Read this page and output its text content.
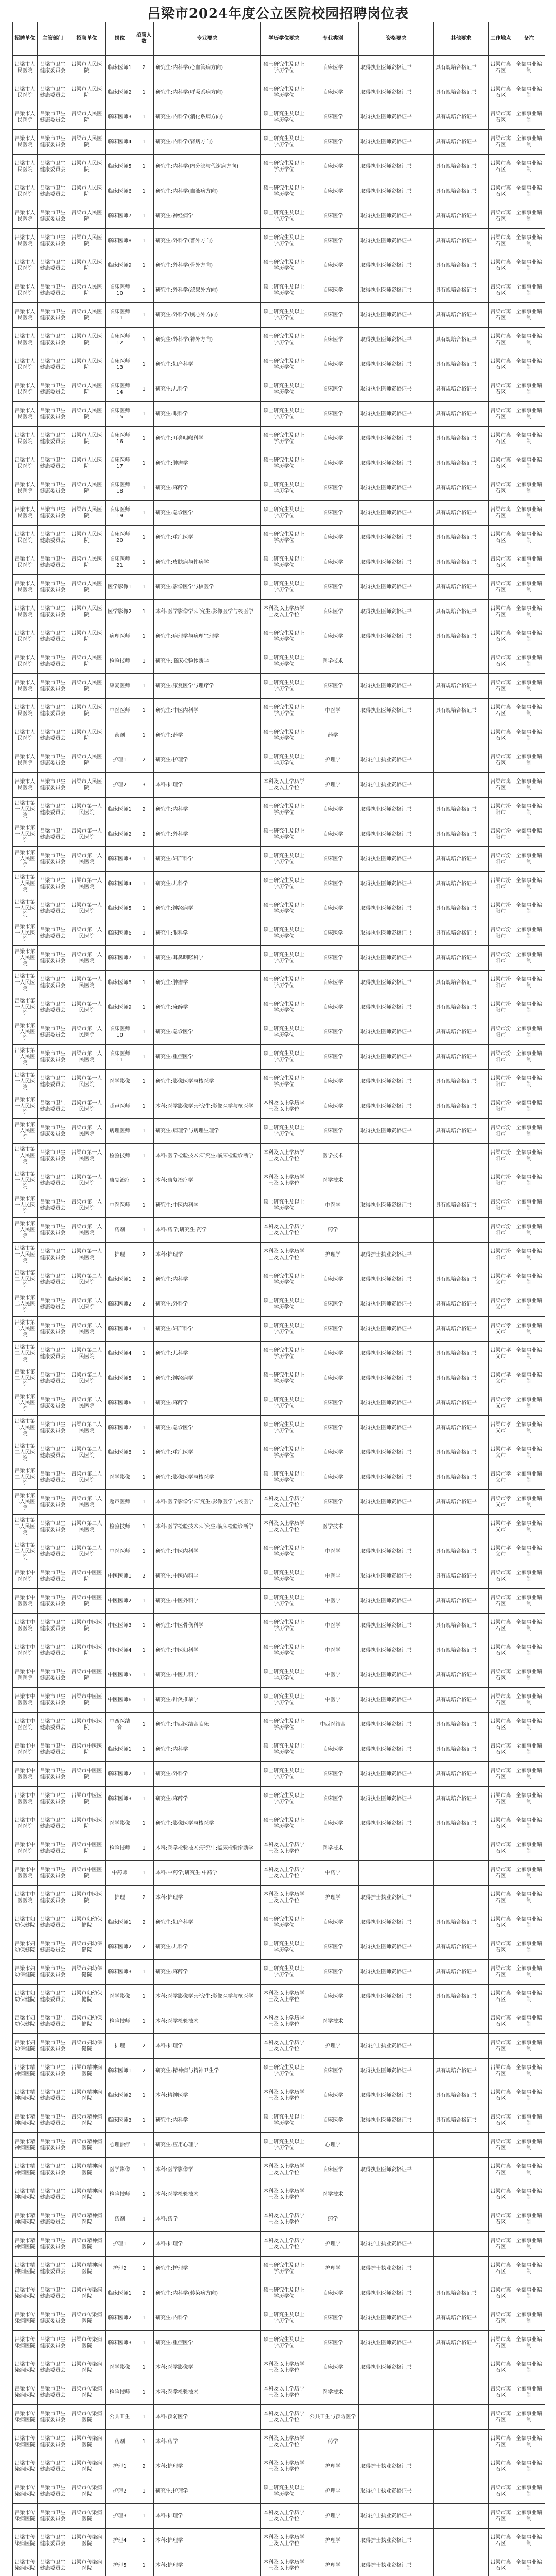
吕梁市2024年度公立医院校园招聘岗位表
招聘单位	主管部门	招聘单位	岗位	招聘人数	专业要求	学历学位要求	专业类别	资格要求	其他要求	工作地点	备注
吕梁市人民医院	吕梁市卫生健康委员会	吕梁市人民医院	临床医师1	2	研究生:内科学(心血管病方向)	硕士研究生及以上学历学位	临床医学	取得执业医师资格证书	具有规培合格证书	吕梁市离石区	全额事业编制
吕梁市人民医院	吕梁市卫生健康委员会	吕梁市人民医院	临床医师2	1	研究生:内科学(呼吸系病方向)	硕士研究生及以上学历学位	临床医学	取得执业医师资格证书	具有规培合格证书	吕梁市离石区	全额事业编制
吕梁市人民医院	吕梁市卫生健康委员会	吕梁市人民医院	临床医师3	1	研究生:内科学(消化系病方向)	硕士研究生及以上学历学位	临床医学	取得执业医师资格证书	具有规培合格证书	吕梁市离石区	全额事业编制
吕梁市人民医院	吕梁市卫生健康委员会	吕梁市人民医院	临床医师4	1	研究生:内科学(肾病方向)	硕士研究生及以上学历学位	临床医学	取得执业医师资格证书	具有规培合格证书	吕梁市离石区	全额事业编制
吕梁市人民医院	吕梁市卫生健康委员会	吕梁市人民医院	临床医师5	1	研究生:内科学(内分泌与代谢病方向)	硕士研究生及以上学历学位	临床医学	取得执业医师资格证书	具有规培合格证书	吕梁市离石区	全额事业编制
吕梁市人民医院	吕梁市卫生健康委员会	吕梁市人民医院	临床医师6	1	研究生:内科学(血液病方向)	硕士研究生及以上学历学位	临床医学	取得执业医师资格证书	具有规培合格证书	吕梁市离石区	全额事业编制
吕梁市人民医院	吕梁市卫生健康委员会	吕梁市人民医院	临床医师7	1	研究生:神经病学	硕士研究生及以上学历学位	临床医学	取得执业医师资格证书	具有规培合格证书	吕梁市离石区	全额事业编制
吕梁市人民医院	吕梁市卫生健康委员会	吕梁市人民医院	临床医师8	1	研究生:外科学(普外方向)	硕士研究生及以上学历学位	临床医学	取得执业医师资格证书	具有规培合格证书	吕梁市离石区	全额事业编制
吕梁市人民医院	吕梁市卫生健康委员会	吕梁市人民医院	临床医师9	1	研究生:外科学(骨外方向)	硕士研究生及以上学历学位	临床医学	取得执业医师资格证书	具有规培合格证书	吕梁市离石区	全额事业编制
吕梁市人民医院	吕梁市卫生健康委员会	吕梁市人民医院	临床医师10	1	研究生:外科学(泌尿外方向)	硕士研究生及以上学历学位	临床医学	取得执业医师资格证书	具有规培合格证书	吕梁市离石区	全额事业编制
吕梁市人民医院	吕梁市卫生健康委员会	吕梁市人民医院	临床医师11	1	研究生:外科学(胸心外方向)	硕士研究生及以上学历学位	临床医学	取得执业医师资格证书	具有规培合格证书	吕梁市离石区	全额事业编制
吕梁市人民医院	吕梁市卫生健康委员会	吕梁市人民医院	临床医师12	1	研究生:外科学(神外方向)	硕士研究生及以上学历学位	临床医学	取得执业医师资格证书	具有规培合格证书	吕梁市离石区	全额事业编制
吕梁市人民医院	吕梁市卫生健康委员会	吕梁市人民医院	临床医师13	1	研究生:妇产科学	硕士研究生及以上学历学位	临床医学	取得执业医师资格证书	具有规培合格证书	吕梁市离石区	全额事业编制
吕梁市人民医院	吕梁市卫生健康委员会	吕梁市人民医院	临床医师14	1	研究生:儿科学	硕士研究生及以上学历学位	临床医学	取得执业医师资格证书	具有规培合格证书	吕梁市离石区	全额事业编制
吕梁市人民医院	吕梁市卫生健康委员会	吕梁市人民医院	临床医师15	1	研究生:眼科学	硕士研究生及以上学历学位	临床医学	取得执业医师资格证书	具有规培合格证书	吕梁市离石区	全额事业编制
吕梁市人民医院	吕梁市卫生健康委员会	吕梁市人民医院	临床医师16	1	研究生:耳鼻咽喉科学	硕士研究生及以上学历学位	临床医学	取得执业医师资格证书	具有规培合格证书	吕梁市离石区	全额事业编制
吕梁市人民医院	吕梁市卫生健康委员会	吕梁市人民医院	临床医师17	1	研究生:肿瘤学	硕士研究生及以上学历学位	临床医学	取得执业医师资格证书	具有规培合格证书	吕梁市离石区	全额事业编制
吕梁市人民医院	吕梁市卫生健康委员会	吕梁市人民医院	临床医师18	1	研究生:麻醉学	硕士研究生及以上学历学位	临床医学	取得执业医师资格证书	具有规培合格证书	吕梁市离石区	全额事业编制
吕梁市人民医院	吕梁市卫生健康委员会	吕梁市人民医院	临床医师19	1	研究生:急诊医学	硕士研究生及以上学历学位	临床医学	取得执业医师资格证书	具有规培合格证书	吕梁市离石区	全额事业编制
吕梁市人民医院	吕梁市卫生健康委员会	吕梁市人民医院	临床医师20	1	研究生:重症医学	硕士研究生及以上学历学位	临床医学	取得执业医师资格证书	具有规培合格证书	吕梁市离石区	全额事业编制
吕梁市人民医院	吕梁市卫生健康委员会	吕梁市人民医院	临床医师21	1	研究生:皮肤病与性病学	硕士研究生及以上学历学位	临床医学	取得执业医师资格证书	具有规培合格证书	吕梁市离石区	全额事业编制
吕梁市人民医院	吕梁市卫生健康委员会	吕梁市人民医院	医学影像1	1	研究生:影像医学与核医学	硕士研究生及以上学历学位	临床医学	取得执业医师资格证书	具有规培合格证书	吕梁市离石区	全额事业编制
吕梁市人民医院	吕梁市卫生健康委员会	吕梁市人民医院	医学影像2	1	本科:医学影像学;研究生:影像医学与核医学	本科及以上学历学士及以上学位	临床医学	取得执业医师资格证书	具有规培合格证书	吕梁市离石区	全额事业编制
吕梁市人民医院	吕梁市卫生健康委员会	吕梁市人民医院	病理医师	1	研究生:病理学与病理生理学	硕士研究生及以上学历学位	临床医学	取得执业医师资格证书	具有规培合格证书	吕梁市离石区	全额事业编制
吕梁市人民医院	吕梁市卫生健康委员会	吕梁市人民医院	检验技师	1	研究生:临床检验诊断学	硕士研究生及以上学历学位	医学技术			吕梁市离石区	全额事业编制
吕梁市人民医院	吕梁市卫生健康委员会	吕梁市人民医院	康复医师	1	研究生:康复医学与理疗学	硕士研究生及以上学历学位	临床医学	取得执业医师资格证书	具有规培合格证书	吕梁市离石区	全额事业编制
吕梁市人民医院	吕梁市卫生健康委员会	吕梁市人民医院	中医医师	1	研究生:中医内科学	硕士研究生及以上学历学位	中医学	取得执业医师资格证书	具有规培合格证书	吕梁市离石区	全额事业编制
吕梁市人民医院	吕梁市卫生健康委员会	吕梁市人民医院	药剂	1	研究生:药学	硕士研究生及以上学历学位	药学			吕梁市离石区	全额事业编制
吕梁市人民医院	吕梁市卫生健康委员会	吕梁市人民医院	护理1	2	研究生:护理学	硕士研究生及以上学历学位	护理学	取得护士执业资格证书		吕梁市离石区	全额事业编制
吕梁市人民医院	吕梁市卫生健康委员会	吕梁市人民医院	护理2	3	本科:护理学	本科及以上学历学士及以上学位	护理学	取得护士执业资格证书		吕梁市离石区	全额事业编制
吕梁市第一人民医院	吕梁市卫生健康委员会	吕梁市第一人民医院	临床医师1	2	研究生:内科学	硕士研究生及以上学历学位	临床医学	取得执业医师资格证书	具有规培合格证书	吕梁市汾阳市	全额事业编制
吕梁市第一人民医院	吕梁市卫生健康委员会	吕梁市第一人民医院	临床医师2	2	研究生:外科学	硕士研究生及以上学历学位	临床医学	取得执业医师资格证书	具有规培合格证书	吕梁市汾阳市	全额事业编制
吕梁市第一人民医院	吕梁市卫生健康委员会	吕梁市第一人民医院	临床医师3	1	研究生:妇产科学	硕士研究生及以上学历学位	临床医学	取得执业医师资格证书	具有规培合格证书	吕梁市汾阳市	全额事业编制
吕梁市第一人民医院	吕梁市卫生健康委员会	吕梁市第一人民医院	临床医师4	1	研究生:儿科学	硕士研究生及以上学历学位	临床医学	取得执业医师资格证书	具有规培合格证书	吕梁市汾阳市	全额事业编制
吕梁市第一人民医院	吕梁市卫生健康委员会	吕梁市第一人民医院	临床医师5	1	研究生:神经病学	硕士研究生及以上学历学位	临床医学	取得执业医师资格证书	具有规培合格证书	吕梁市汾阳市	全额事业编制
吕梁市第一人民医院	吕梁市卫生健康委员会	吕梁市第一人民医院	临床医师6	1	研究生:眼科学	硕士研究生及以上学历学位	临床医学	取得执业医师资格证书	具有规培合格证书	吕梁市汾阳市	全额事业编制
吕梁市第一人民医院	吕梁市卫生健康委员会	吕梁市第一人民医院	临床医师7	1	研究生:耳鼻咽喉科学	硕士研究生及以上学历学位	临床医学	取得执业医师资格证书	具有规培合格证书	吕梁市汾阳市	全额事业编制
吕梁市第一人民医院	吕梁市卫生健康委员会	吕梁市第一人民医院	临床医师8	1	研究生:肿瘤学	硕士研究生及以上学历学位	临床医学	取得执业医师资格证书	具有规培合格证书	吕梁市汾阳市	全额事业编制
吕梁市第一人民医院	吕梁市卫生健康委员会	吕梁市第一人民医院	临床医师9	1	研究生:麻醉学	硕士研究生及以上学历学位	临床医学	取得执业医师资格证书	具有规培合格证书	吕梁市汾阳市	全额事业编制
吕梁市第一人民医院	吕梁市卫生健康委员会	吕梁市第一人民医院	临床医师10	1	研究生:急诊医学	硕士研究生及以上学历学位	临床医学	取得执业医师资格证书	具有规培合格证书	吕梁市汾阳市	全额事业编制
吕梁市第一人民医院	吕梁市卫生健康委员会	吕梁市第一人民医院	临床医师11	1	研究生:重症医学	硕士研究生及以上学历学位	临床医学	取得执业医师资格证书	具有规培合格证书	吕梁市汾阳市	全额事业编制
吕梁市第一人民医院	吕梁市卫生健康委员会	吕梁市第一人民医院	医学影像	1	研究生:影像医学与核医学	硕士研究生及以上学历学位	临床医学	取得执业医师资格证书	具有规培合格证书	吕梁市汾阳市	全额事业编制
吕梁市第一人民医院	吕梁市卫生健康委员会	吕梁市第一人民医院	超声医师	1	本科:医学影像学;研究生:影像医学与核医学	本科及以上学历学士及以上学位	临床医学	取得执业医师资格证书	具有规培合格证书	吕梁市汾阳市	全额事业编制
吕梁市第一人民医院	吕梁市卫生健康委员会	吕梁市第一人民医院	病理医师	1	研究生:病理学与病理生理学	硕士研究生及以上学历学位	临床医学	取得执业医师资格证书	具有规培合格证书	吕梁市汾阳市	全额事业编制
吕梁市第一人民医院	吕梁市卫生健康委员会	吕梁市第一人民医院	检验技师	1	本科:医学检验技术;研究生:临床检验诊断学	本科及以上学历学士及以上学位	医学技术			吕梁市汾阳市	全额事业编制
吕梁市第一人民医院	吕梁市卫生健康委员会	吕梁市第一人民医院	康复治疗	1	本科:康复治疗学	本科及以上学历学士及以上学位	医学技术			吕梁市汾阳市	全额事业编制
吕梁市第一人民医院	吕梁市卫生健康委员会	吕梁市第一人民医院	中医医师	1	研究生:中医内科学	硕士研究生及以上学历学位	中医学	取得执业医师资格证书	具有规培合格证书	吕梁市汾阳市	全额事业编制
吕梁市第一人民医院	吕梁市卫生健康委员会	吕梁市第一人民医院	药剂	1	本科:药学;研究生:药学	本科及以上学历学士及以上学位	药学			吕梁市汾阳市	全额事业编制
吕梁市第一人民医院	吕梁市卫生健康委员会	吕梁市第一人民医院	护理	2	本科:护理学	本科及以上学历学士及以上学位	护理学	取得护士执业资格证书		吕梁市汾阳市	全额事业编制
吕梁市第二人民医院	吕梁市卫生健康委员会	吕梁市第二人民医院	临床医师1	2	研究生:内科学	硕士研究生及以上学历学位	临床医学	取得执业医师资格证书	具有规培合格证书	吕梁市孝义市	全额事业编制
吕梁市第二人民医院	吕梁市卫生健康委员会	吕梁市第二人民医院	临床医师2	2	研究生:外科学	硕士研究生及以上学历学位	临床医学	取得执业医师资格证书	具有规培合格证书	吕梁市孝义市	全额事业编制
吕梁市第二人民医院	吕梁市卫生健康委员会	吕梁市第二人民医院	临床医师3	1	研究生:妇产科学	硕士研究生及以上学历学位	临床医学	取得执业医师资格证书	具有规培合格证书	吕梁市孝义市	全额事业编制
吕梁市第二人民医院	吕梁市卫生健康委员会	吕梁市第二人民医院	临床医师4	1	研究生:儿科学	硕士研究生及以上学历学位	临床医学	取得执业医师资格证书	具有规培合格证书	吕梁市孝义市	全额事业编制
吕梁市第二人民医院	吕梁市卫生健康委员会	吕梁市第二人民医院	临床医师5	1	研究生:神经病学	硕士研究生及以上学历学位	临床医学	取得执业医师资格证书	具有规培合格证书	吕梁市孝义市	全额事业编制
吕梁市第二人民医院	吕梁市卫生健康委员会	吕梁市第二人民医院	临床医师6	1	研究生:麻醉学	硕士研究生及以上学历学位	临床医学	取得执业医师资格证书	具有规培合格证书	吕梁市孝义市	全额事业编制
吕梁市第二人民医院	吕梁市卫生健康委员会	吕梁市第二人民医院	临床医师7	1	研究生:急诊医学	硕士研究生及以上学历学位	临床医学	取得执业医师资格证书	具有规培合格证书	吕梁市孝义市	全额事业编制
吕梁市第二人民医院	吕梁市卫生健康委员会	吕梁市第二人民医院	临床医师8	1	研究生:重症医学	硕士研究生及以上学历学位	临床医学	取得执业医师资格证书	具有规培合格证书	吕梁市孝义市	全额事业编制
吕梁市第二人民医院	吕梁市卫生健康委员会	吕梁市第二人民医院	医学影像	1	研究生:影像医学与核医学	硕士研究生及以上学历学位	临床医学	取得执业医师资格证书	具有规培合格证书	吕梁市孝义市	全额事业编制
吕梁市第二人民医院	吕梁市卫生健康委员会	吕梁市第二人民医院	超声医师	1	本科:医学影像学;研究生:影像医学与核医学	本科及以上学历学士及以上学位	临床医学	取得执业医师资格证书	具有规培合格证书	吕梁市孝义市	全额事业编制
吕梁市第二人民医院	吕梁市卫生健康委员会	吕梁市第二人民医院	检验技师	1	本科:医学检验技术;研究生:临床检验诊断学	本科及以上学历学士及以上学位	医学技术			吕梁市孝义市	全额事业编制
吕梁市第二人民医院	吕梁市卫生健康委员会	吕梁市第二人民医院	中医医师	1	研究生:中医内科学	硕士研究生及以上学历学位	中医学	取得执业医师资格证书	具有规培合格证书	吕梁市孝义市	全额事业编制
吕梁市中医医院	吕梁市卫生健康委员会	吕梁市中医医院	中医医师1	2	研究生:中医内科学	硕士研究生及以上学历学位	中医学	取得执业医师资格证书	具有规培合格证书	吕梁市离石区	全额事业编制
吕梁市中医医院	吕梁市卫生健康委员会	吕梁市中医医院	中医医师2	1	研究生:中医外科学	硕士研究生及以上学历学位	中医学	取得执业医师资格证书	具有规培合格证书	吕梁市离石区	全额事业编制
吕梁市中医医院	吕梁市卫生健康委员会	吕梁市中医医院	中医医师3	1	研究生:中医骨伤科学	硕士研究生及以上学历学位	中医学	取得执业医师资格证书	具有规培合格证书	吕梁市离石区	全额事业编制
吕梁市中医医院	吕梁市卫生健康委员会	吕梁市中医医院	中医医师4	1	研究生:中医妇科学	硕士研究生及以上学历学位	中医学	取得执业医师资格证书	具有规培合格证书	吕梁市离石区	全额事业编制
吕梁市中医医院	吕梁市卫生健康委员会	吕梁市中医医院	中医医师5	1	研究生:中医儿科学	硕士研究生及以上学历学位	中医学	取得执业医师资格证书	具有规培合格证书	吕梁市离石区	全额事业编制
吕梁市中医医院	吕梁市卫生健康委员会	吕梁市中医医院	中医医师6	1	研究生:针灸推拿学	硕士研究生及以上学历学位	中医学	取得执业医师资格证书	具有规培合格证书	吕梁市离石区	全额事业编制
吕梁市中医医院	吕梁市卫生健康委员会	吕梁市中医医院	中西医结合	1	研究生:中西医结合临床	硕士研究生及以上学历学位	中西医结合	取得执业医师资格证书	具有规培合格证书	吕梁市离石区	全额事业编制
吕梁市中医医院	吕梁市卫生健康委员会	吕梁市中医医院	临床医师1	1	研究生:内科学	硕士研究生及以上学历学位	临床医学	取得执业医师资格证书	具有规培合格证书	吕梁市离石区	全额事业编制
吕梁市中医医院	吕梁市卫生健康委员会	吕梁市中医医院	临床医师2	1	研究生:外科学	硕士研究生及以上学历学位	临床医学	取得执业医师资格证书	具有规培合格证书	吕梁市离石区	全额事业编制
吕梁市中医医院	吕梁市卫生健康委员会	吕梁市中医医院	临床医师3	1	研究生:麻醉学	硕士研究生及以上学历学位	临床医学	取得执业医师资格证书	具有规培合格证书	吕梁市离石区	全额事业编制
吕梁市中医医院	吕梁市卫生健康委员会	吕梁市中医医院	医学影像	1	研究生:影像医学与核医学	硕士研究生及以上学历学位	临床医学	取得执业医师资格证书	具有规培合格证书	吕梁市离石区	全额事业编制
吕梁市中医医院	吕梁市卫生健康委员会	吕梁市中医医院	检验技师	1	本科:医学检验技术;研究生:临床检验诊断学	本科及以上学历学士及以上学位	医学技术			吕梁市离石区	全额事业编制
吕梁市中医医院	吕梁市卫生健康委员会	吕梁市中医医院	中药师	1	本科:中药学;研究生:中药学	本科及以上学历学士及以上学位	中药学			吕梁市离石区	全额事业编制
吕梁市中医医院	吕梁市卫生健康委员会	吕梁市中医医院	护理	2	本科:护理学	本科及以上学历学士及以上学位	护理学	取得护士执业资格证书		吕梁市离石区	全额事业编制
吕梁市妇幼保健院	吕梁市卫生健康委员会	吕梁市妇幼保健院	临床医师1	2	研究生:妇产科学	硕士研究生及以上学历学位	临床医学	取得执业医师资格证书	具有规培合格证书	吕梁市离石区	全额事业编制
吕梁市妇幼保健院	吕梁市卫生健康委员会	吕梁市妇幼保健院	临床医师2	2	研究生:儿科学	硕士研究生及以上学历学位	临床医学	取得执业医师资格证书	具有规培合格证书	吕梁市离石区	全额事业编制
吕梁市妇幼保健院	吕梁市卫生健康委员会	吕梁市妇幼保健院	临床医师3	1	研究生:麻醉学	硕士研究生及以上学历学位	临床医学	取得执业医师资格证书	具有规培合格证书	吕梁市离石区	全额事业编制
吕梁市妇幼保健院	吕梁市卫生健康委员会	吕梁市妇幼保健院	医学影像	1	本科:医学影像学;研究生:影像医学与核医学	本科及以上学历学士及以上学位	临床医学	取得执业医师资格证书	具有规培合格证书	吕梁市离石区	全额事业编制
吕梁市妇幼保健院	吕梁市卫生健康委员会	吕梁市妇幼保健院	检验技师	1	本科:医学检验技术	本科及以上学历学士及以上学位	医学技术			吕梁市离石区	全额事业编制
吕梁市妇幼保健院	吕梁市卫生健康委员会	吕梁市妇幼保健院	护理	2	本科:护理学	本科及以上学历学士及以上学位	护理学	取得护士执业资格证书		吕梁市离石区	全额事业编制
吕梁市精神病医院	吕梁市卫生健康委员会	吕梁市精神病医院	临床医师1	2	研究生:精神病与精神卫生学	硕士研究生及以上学历学位	临床医学	取得执业医师资格证书	具有规培合格证书	吕梁市离石区	全额事业编制
吕梁市精神病医院	吕梁市卫生健康委员会	吕梁市精神病医院	临床医师2	1	本科:精神医学	本科及以上学历学士及以上学位	临床医学	取得执业医师资格证书	具有规培合格证书	吕梁市离石区	全额事业编制
吕梁市精神病医院	吕梁市卫生健康委员会	吕梁市精神病医院	临床医师3	1	研究生:内科学	硕士研究生及以上学历学位	临床医学	取得执业医师资格证书	具有规培合格证书	吕梁市离石区	全额事业编制
吕梁市精神病医院	吕梁市卫生健康委员会	吕梁市精神病医院	心理治疗	1	研究生:应用心理学	硕士研究生及以上学历学位	心理学			吕梁市离石区	全额事业编制
吕梁市精神病医院	吕梁市卫生健康委员会	吕梁市精神病医院	医学影像	1	本科:医学影像学	本科及以上学历学士及以上学位	临床医学	取得执业医师资格证书		吕梁市离石区	全额事业编制
吕梁市精神病医院	吕梁市卫生健康委员会	吕梁市精神病医院	检验技师	1	本科:医学检验技术	本科及以上学历学士及以上学位	医学技术			吕梁市离石区	全额事业编制
吕梁市精神病医院	吕梁市卫生健康委员会	吕梁市精神病医院	药剂	1	本科:药学	本科及以上学历学士及以上学位	药学			吕梁市离石区	全额事业编制
吕梁市精神病医院	吕梁市卫生健康委员会	吕梁市精神病医院	护理1	2	本科:护理学	本科及以上学历学士及以上学位	护理学	取得护士执业资格证书		吕梁市离石区	全额事业编制
吕梁市精神病医院	吕梁市卫生健康委员会	吕梁市精神病医院	护理2	1	研究生:护理学	硕士研究生及以上学历学位	护理学	取得护士执业资格证书		吕梁市离石区	全额事业编制
吕梁市传染病医院	吕梁市卫生健康委员会	吕梁市传染病医院	临床医师1	2	研究生:内科学(传染病方向)	硕士研究生及以上学历学位	临床医学	取得执业医师资格证书	具有规培合格证书	吕梁市离石区	全额事业编制
吕梁市传染病医院	吕梁市卫生健康委员会	吕梁市传染病医院	临床医师2	1	研究生:内科学	硕士研究生及以上学历学位	临床医学	取得执业医师资格证书	具有规培合格证书	吕梁市离石区	全额事业编制
吕梁市传染病医院	吕梁市卫生健康委员会	吕梁市传染病医院	临床医师3	1	研究生:重症医学	硕士研究生及以上学历学位	临床医学	取得执业医师资格证书	具有规培合格证书	吕梁市离石区	全额事业编制
吕梁市传染病医院	吕梁市卫生健康委员会	吕梁市传染病医院	医学影像	1	本科:医学影像学	本科及以上学历学士及以上学位	临床医学	取得执业医师资格证书		吕梁市离石区	全额事业编制
吕梁市传染病医院	吕梁市卫生健康委员会	吕梁市传染病医院	检验技师	1	本科:医学检验技术	本科及以上学历学士及以上学位	医学技术			吕梁市离石区	全额事业编制
吕梁市传染病医院	吕梁市卫生健康委员会	吕梁市传染病医院	公共卫生	1	本科:预防医学	本科及以上学历学士及以上学位	公共卫生与预防医学			吕梁市离石区	全额事业编制
吕梁市传染病医院	吕梁市卫生健康委员会	吕梁市传染病医院	药剂	1	本科:药学	本科及以上学历学士及以上学位	药学			吕梁市离石区	全额事业编制
吕梁市传染病医院	吕梁市卫生健康委员会	吕梁市传染病医院	护理1	2	本科:护理学	本科及以上学历学士及以上学位	护理学	取得护士执业资格证书		吕梁市离石区	全额事业编制
吕梁市传染病医院	吕梁市卫生健康委员会	吕梁市传染病医院	护理2	1	研究生:护理学	硕士研究生及以上学历学位	护理学	取得护士执业资格证书		吕梁市离石区	全额事业编制
吕梁市传染病医院	吕梁市卫生健康委员会	吕梁市传染病医院	护理3	1	本科:护理学	本科及以上学历学士及以上学位	护理学	取得护士执业资格证书		吕梁市离石区	全额事业编制
吕梁市传染病医院	吕梁市卫生健康委员会	吕梁市传染病医院	护理4	1	本科:护理学	本科及以上学历学士及以上学位	护理学	取得护士执业资格证书		吕梁市离石区	全额事业编制
吕梁市传染病医院	吕梁市卫生健康委员会	吕梁市传染病医院	护理5	1	本科:护理学	本科及以上学历学士及以上学位	护理学	取得护士执业资格证书		吕梁市离石区	全额事业编制
